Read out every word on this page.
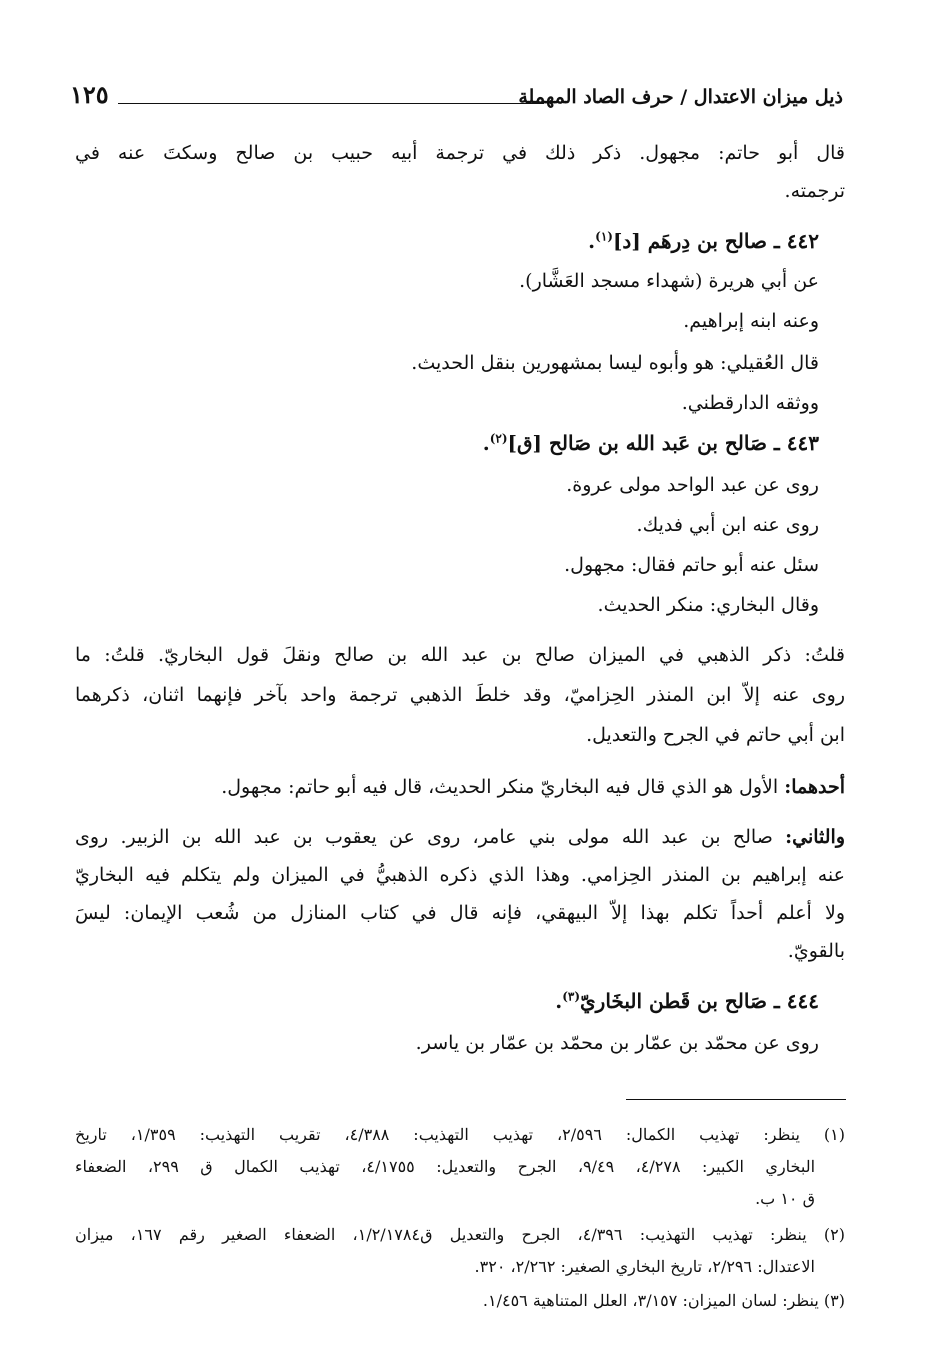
ذيل ميزان الاعتدال / حرف الصاد المهملة
١٢٥
قال أبو حاتم: مجهول. ذكر ذلك في ترجمة أبيه حبيب بن صالح وسكتَ عنه في
ترجمته.
٤٤٢ ـ صالح بن دِرهَم [د]$^{(١)}$.
عن أبي هريرة (شهداء مسجد العَشَّار).
وعنه ابنه إبراهيم.
قال العُقيلي: هو وأبوه ليسا بمشهورين بنقل الحديث.
ووثقه الدارقطني.
٤٤٣ ـ صَالح بن عَبد الله بن صَالح [ق]$^{(٢)}$.
روى عن عبد الواحد مولى عروة.
روى عنه ابن أبي فديك.
سئل عنه أبو حاتم فقال: مجهول.
وقال البخاري: منكر الحديث.
قلتُ: ذكر الذهبي في الميزان صالح بن عبد الله بن صالح ونقلَ قول البخاريّ. قلتُ: ما
روى عنه إلاّ ابن المنذر الحِزاميّ، وقد خلطَ الذهبي ترجمة واحد بآخر فإنهما اثنان، ذكرهما
ابن أبي حاتم في الجرح والتعديل.
أحدهما: الأول هو الذي قال فيه البخاريّ منكر الحديث، قال فيه أبو حاتم: مجهول.
والثاني: صالح بن عبد الله مولى بني عامر، روى عن يعقوب بن عبد الله بن الزبير. روى
عنه إبراهيم بن المنذر الحِزامي. وهذا الذي ذكره الذهبيُّ في الميزان ولم يتكلم فيه البخاريّ
ولا أعلم أحداً تكلم بهذا إلاّ البيهقي، فإنه قال في كتاب المنازل من شُعب الإيمان: ليسَ
بالقويّ.
٤٤٤ ـ صَالح بن قَطن البخَاريّ$^{(٣)}$.
روى عن محمّد بن عمّار بن محمّد بن عمّار بن ياسر.
(١) ينظر: تهذيب الكمال: ٢/٥٩٦، تهذيب التهذيب: ٤/٣٨٨، تقريب التهذيب: ١/٣٥٩، تاريخ
البخاري الكبير: ٤/٢٧٨، ٩/٤٩، الجرح والتعديل: ٤/١٧٥٥، تهذيب الكمال ق ٢٩٩، الضعفاء
ق ١٠ ب.
(٢) ينظر: تهذيب التهذيب: ٤/٣٩٦، الجرح والتعديل ق١/٢/١٧٨٤، الضعفاء الصغير رقم ١٦٧، ميزان
الاعتدال: ٢/٢٩٦، تاريخ البخاري الصغير: ٢/٢٦٢، ٣٢٠.
(٣) ينظر: لسان الميزان: ٣/١٥٧، العلل المتناهية ١/٤٥٦.
